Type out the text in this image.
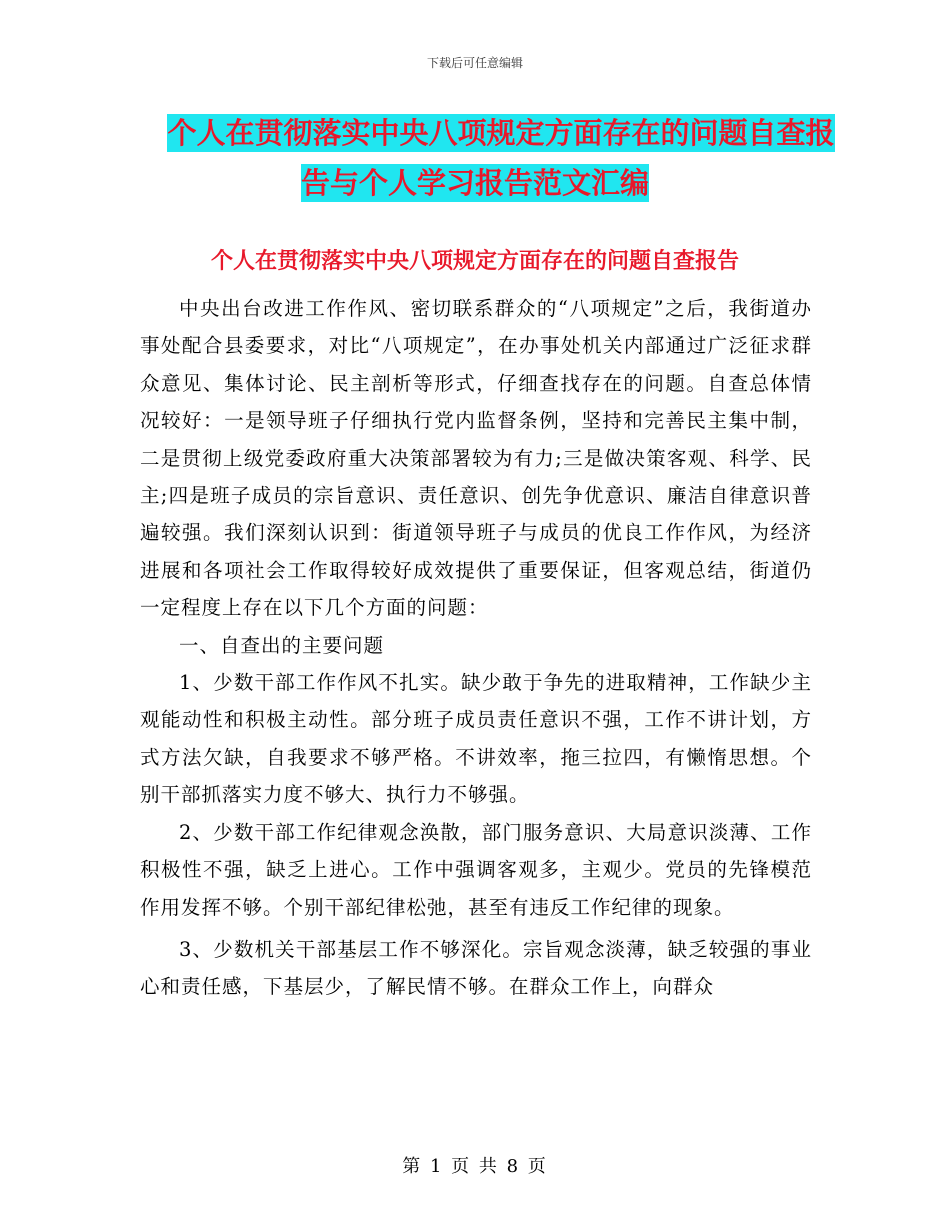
下载后可任意编辑
个人在贯彻落实中央八项规定方面存在的问题自查报
告与个人学习报告范文汇编
个人在贯彻落实中央八项规定方面存在的问题自查报告

中央出台改进工作作风、密切联系群众的“八项规定”之后，我街道办事处配合县委要求，对比“八项规定”，在办事处机关内部通过广泛征求群众意见、集体讨论、民主剖析等形式，仔细查找存在的问题。自查总体情况较好：一是领导班子仔细执行党内监督条例，坚持和完善民主集中制，二是贯彻上级党委政府重大决策部署较为有力;三是做决策客观、科学、民主;四是班子成员的宗旨意识、责任意识、创先争优意识、廉洁自律意识普遍较强。我们深刻认识到：街道领导班子与成员的优良工作作风，为经济进展和各项社会工作取得较好成效提供了重要保证，但客观总结，街道仍一定程度上存在以下几个方面的问题：

一、自查出的主要问题

1、少数干部工作作风不扎实。缺少敢于争先的进取精神，工作缺少主观能动性和积极主动性。部分班子成员责任意识不强，工作不讲计划，方式方法欠缺，自我要求不够严格。不讲效率，拖三拉四，有懒惰思想。个别干部抓落实力度不够大、执行力不够强。

2、少数干部工作纪律观念涣散，部门服务意识、大局意识淡薄、工作积极性不强，缺乏上进心。工作中强调客观多，主观少。党员的先锋模范作用发挥不够。个别干部纪律松弛，甚至有违反工作纪律的现象。

3、少数机关干部基层工作不够深化。宗旨观念淡薄，缺乏较强的事业心和责任感，下基层少，了解民情不够。在群众工作上，向群众

第 1 页 共 8 页
